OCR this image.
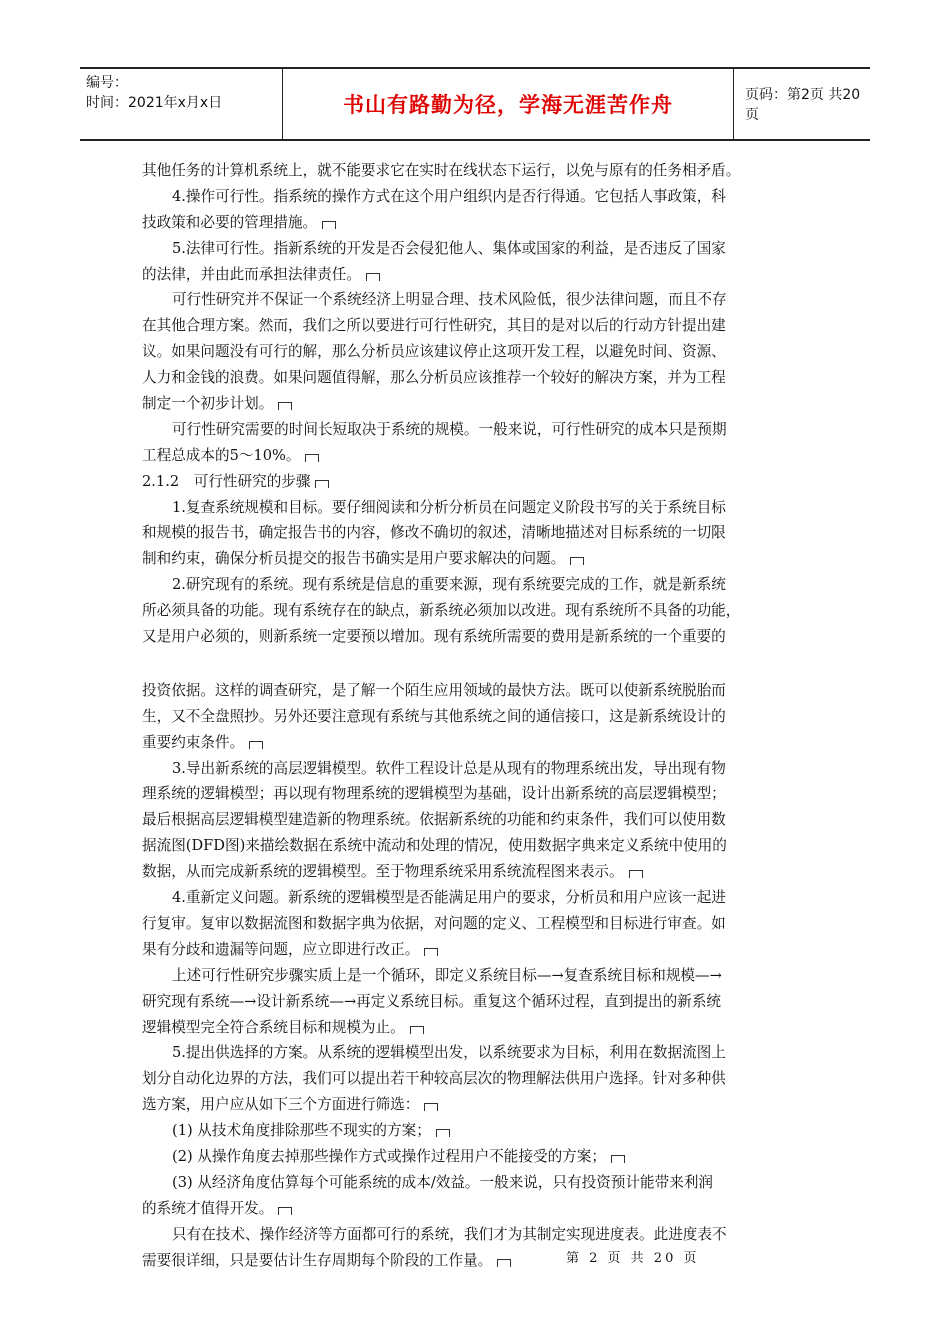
编号：
时间：2021年x月x日	书山有路勤为径，学海无涯苦作舟	页码：第2页 共20页
其他任务的计算机系统上，就不能要求它在实时在线状态下运行，以免与原有的任务相矛盾。
4.操作可行性。指系统的操作方式在这个用户组织内是否行得通。它包括人事政策，科
技政策和必要的管理措施。
5.法律可行性。指新系统的开发是否会侵犯他人、集体或国家的利益，是否违反了国家
的法律，并由此而承担法律责任。
可行性研究并不保证一个系统经济上明显合理、技术风险低，很少法律问题，而且不存
在其他合理方案。然而，我们之所以要进行可行性研究，其目的是对以后的行动方针提出建
议。如果问题没有可行的解，那么分析员应该建议停止这项开发工程，以避免时间、资源、
人力和金钱的浪费。如果问题值得解，那么分析员应该推荐一个较好的解决方案，并为工程
制定一个初步计划。
可行性研究需要的时间长短取决于系统的规模。一般来说，可行性研究的成本只是预期
工程总成本的5～10%。
2.1.2　可行性研究的步骤
1.复查系统规模和目标。要仔细阅读和分析分析员在问题定义阶段书写的关于系统目标
和规模的报告书，确定报告书的内容，修改不确切的叙述，清晰地描述对目标系统的一切限
制和约束，确保分析员提交的报告书确实是用户要求解决的问题。
2.研究现有的系统。现有系统是信息的重要来源，现有系统要完成的工作，就是新系统
所必须具备的功能。现有系统存在的缺点，新系统必须加以改进。现有系统所不具备的功能，
又是用户必须的，则新系统一定要预以增加。现有系统所需要的费用是新系统的一个重要的
投资依据。这样的调查研究，是了解一个陌生应用领域的最快方法。既可以使新系统脱胎而
生，又不全盘照抄。另外还要注意现有系统与其他系统之间的通信接口，这是新系统设计的
重要约束条件。
3.导出新系统的高层逻辑模型。软件工程设计总是从现有的物理系统出发，导出现有物
理系统的逻辑模型；再以现有物理系统的逻辑模型为基础，设计出新系统的高层逻辑模型；
最后根据高层逻辑模型建造新的物理系统。依据新系统的功能和约束条件，我们可以使用数
据流图(DFD图)来描绘数据在系统中流动和处理的情况，使用数据字典来定义系统中使用的
数据，从而完成新系统的逻辑模型。至于物理系统采用系统流程图来表示。
4.重新定义问题。新系统的逻辑模型是否能满足用户的要求，分析员和用户应该一起进
行复审。复审以数据流图和数据字典为依据，对问题的定义、工程模型和目标进行审查。如
果有分歧和遗漏等问题，应立即进行改正。
上述可行性研究步骤实质上是一个循环，即定义系统目标—→复查系统目标和规模—→
研究现有系统—→设计新系统—→再定义系统目标。重复这个循环过程，直到提出的新系统
逻辑模型完全符合系统目标和规模为止。
5.提出供选择的方案。从系统的逻辑模型出发，以系统要求为目标，利用在数据流图上
划分自动化边界的方法，我们可以提出若干种较高层次的物理解法供用户选择。针对多种供
选方案，用户应从如下三个方面进行筛选：
(1) 从技术角度排除那些不现实的方案；
(2) 从操作角度去掉那些操作方式或操作过程用户不能接受的方案；
(3) 从经济角度估算每个可能系统的成本/效益。一般来说，只有投资预计能带来利润
的系统才值得开发。
只有在技术、操作经济等方面都可行的系统，我们才为其制定实现进度表。此进度表不
需要很详细，只是要估计生存周期每个阶段的工作量。	第 2 页 共 20 页
